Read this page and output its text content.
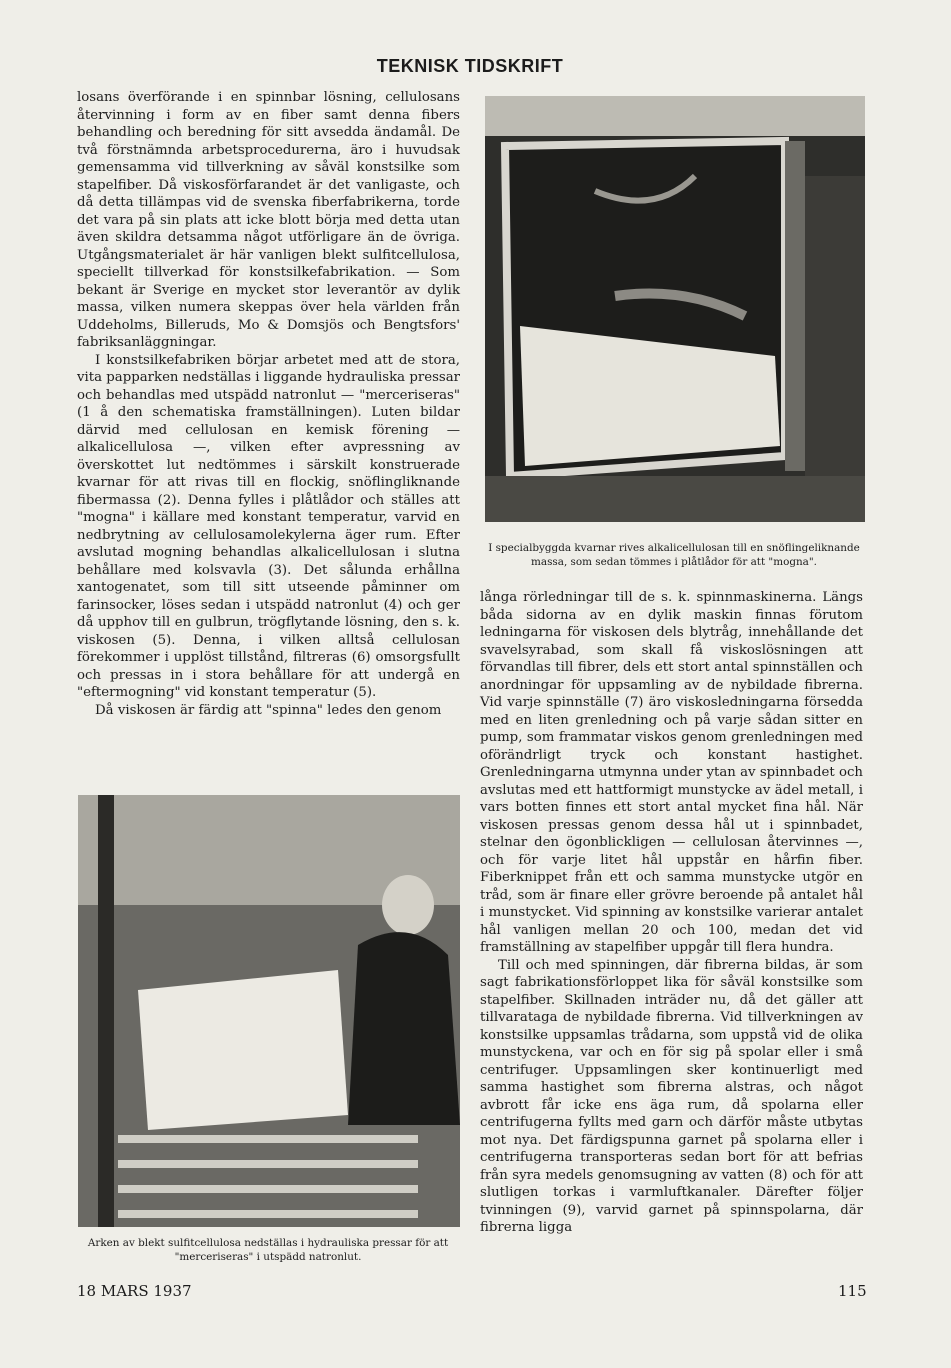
TEKNISK TIDSKRIFT

losans överförande i en spinnbar lösning, cellulosans återvinning i form av en fiber samt denna fibers behandling och beredning för sitt avsedda ändamål. De två förstnämnda arbetsprocedurerna, äro i huvudsak gemensamma vid tillverkning av såväl konstsilke som stapelfiber. Då viskosförfarandet är det vanligaste, och då detta tillämpas vid de svenska fiberfabrikerna, torde det vara på sin plats att icke blott börja med detta utan även skildra detsamma något utförligare än de övriga. Utgångsmaterialet är här vanligen blekt sulfitcellulosa, speciellt tillverkad för konstsilkefabrikation. — Som bekant är Sverige en mycket stor leverantör av dylik massa, vilken numera skeppas över hela världen från Uddeholms, Billeruds, Mo & Domsjös och Bengtsfors' fabriksanläggningar.

I konstsilkefabriken börjar arbetet med att de stora, vita papparken nedställas i liggande hydrauliska pressar och behandlas med utspädd natronlut — "merceriseras" (1 å den schematiska framställningen). Luten bildar därvid med cellulosan en kemisk förening — alkalicellulosa —, vilken efter avpressning av överskottet lut nedtömmes i särskilt konstruerade kvarnar för att rivas till en flockig, snöflingliknande fibermassa (2). Denna fylles i plåtlådor och ställes att "mogna" i källare med konstant temperatur, varvid en nedbrytning av cellulosamolekylerna äger rum. Efter avslutad mogning behandlas alkalicellulosan i slutna behållare med kolsvavla (3). Det sålunda erhållna xantogenatet, som till sitt utseende påminner om farinsocker, löses sedan i utspädd natronlut (4) och ger då upphov till en gulbrun, trögflytande lösning, den s. k. viskosen (5). Denna, i vilken alltså cellulosan förekommer i upplöst tillstånd, filtreras (6) omsorgsfullt och pressas in i stora behållare för att undergå en "eftermogning" vid konstant temperatur (5).

Då viskosen är färdig att "spinna" ledes den genom

I specialbyggda kvarnar rives alkalicellulosan till en snöflingeliknande massa, som sedan tömmes i plåtlådor för att "mogna".
Arken av blekt sulfitcellulosa nedställas i hydrauliska pressar för att "merceriseras" i utspädd natronlut.

långa rörledningar till de s. k. spinnmaskinerna. Längs båda sidorna av en dylik maskin finnas förutom ledningarna för viskosen dels blytråg, innehållande det svavelsyrabad, som skall få viskoslösningen att förvandlas till fibrer, dels ett stort antal spinnställen och anordningar för uppsamling av de nybildade fibrerna. Vid varje spinnställe (7) äro viskosledningarna försedda med en liten grenledning och på varje sådan sitter en pump, som frammatar viskos genom grenledningen med oförändrligt tryck och konstant hastighet. Grenledningarna utmynna under ytan av spinnbadet och avslutas med ett hattformigt munstycke av ädel metall, i vars botten finnes ett stort antal mycket fina hål. När viskosen pressas genom dessa hål ut i spinnbadet, stelnar den ögonblickligen — cellulosan återvinnes —, och för varje litet hål uppstår en hårfin fiber. Fiberknippet från ett och samma munstycke utgör en tråd, som är finare eller grövre beroende på antalet hål i munstycket. Vid spinning av konstsilke varierar antalet hål vanligen mellan 20 och 100, medan det vid framställning av stapelfiber uppgår till flera hundra.

Till och med spinningen, där fibrerna bildas, är som sagt fabrikationsförloppet lika för såväl konstsilke som stapelfiber. Skillnaden inträder nu, då det gäller att tillvarataga de nybildade fibrerna. Vid tillverkningen av konstsilke uppsamlas trådarna, som uppstå vid de olika munstyckena, var och en för sig på spolar eller i små centrifuger. Uppsamlingen sker kontinuerligt med samma hastighet som fibrerna alstras, och något avbrott får icke ens äga rum, då spolarna eller centrifugerna fyllts med garn och därför måste utbytas mot nya. Det färdigspunna garnet på spolarna eller i centrifugerna transporteras sedan bort för att befrias från syra medels genomsugning av vatten (8) och för att slutligen torkas i varmluftkanaler. Därefter följer tvinningen (9), varvid garnet på spinnspolarna, där fibrerna ligga

18 MARS 1937	115
